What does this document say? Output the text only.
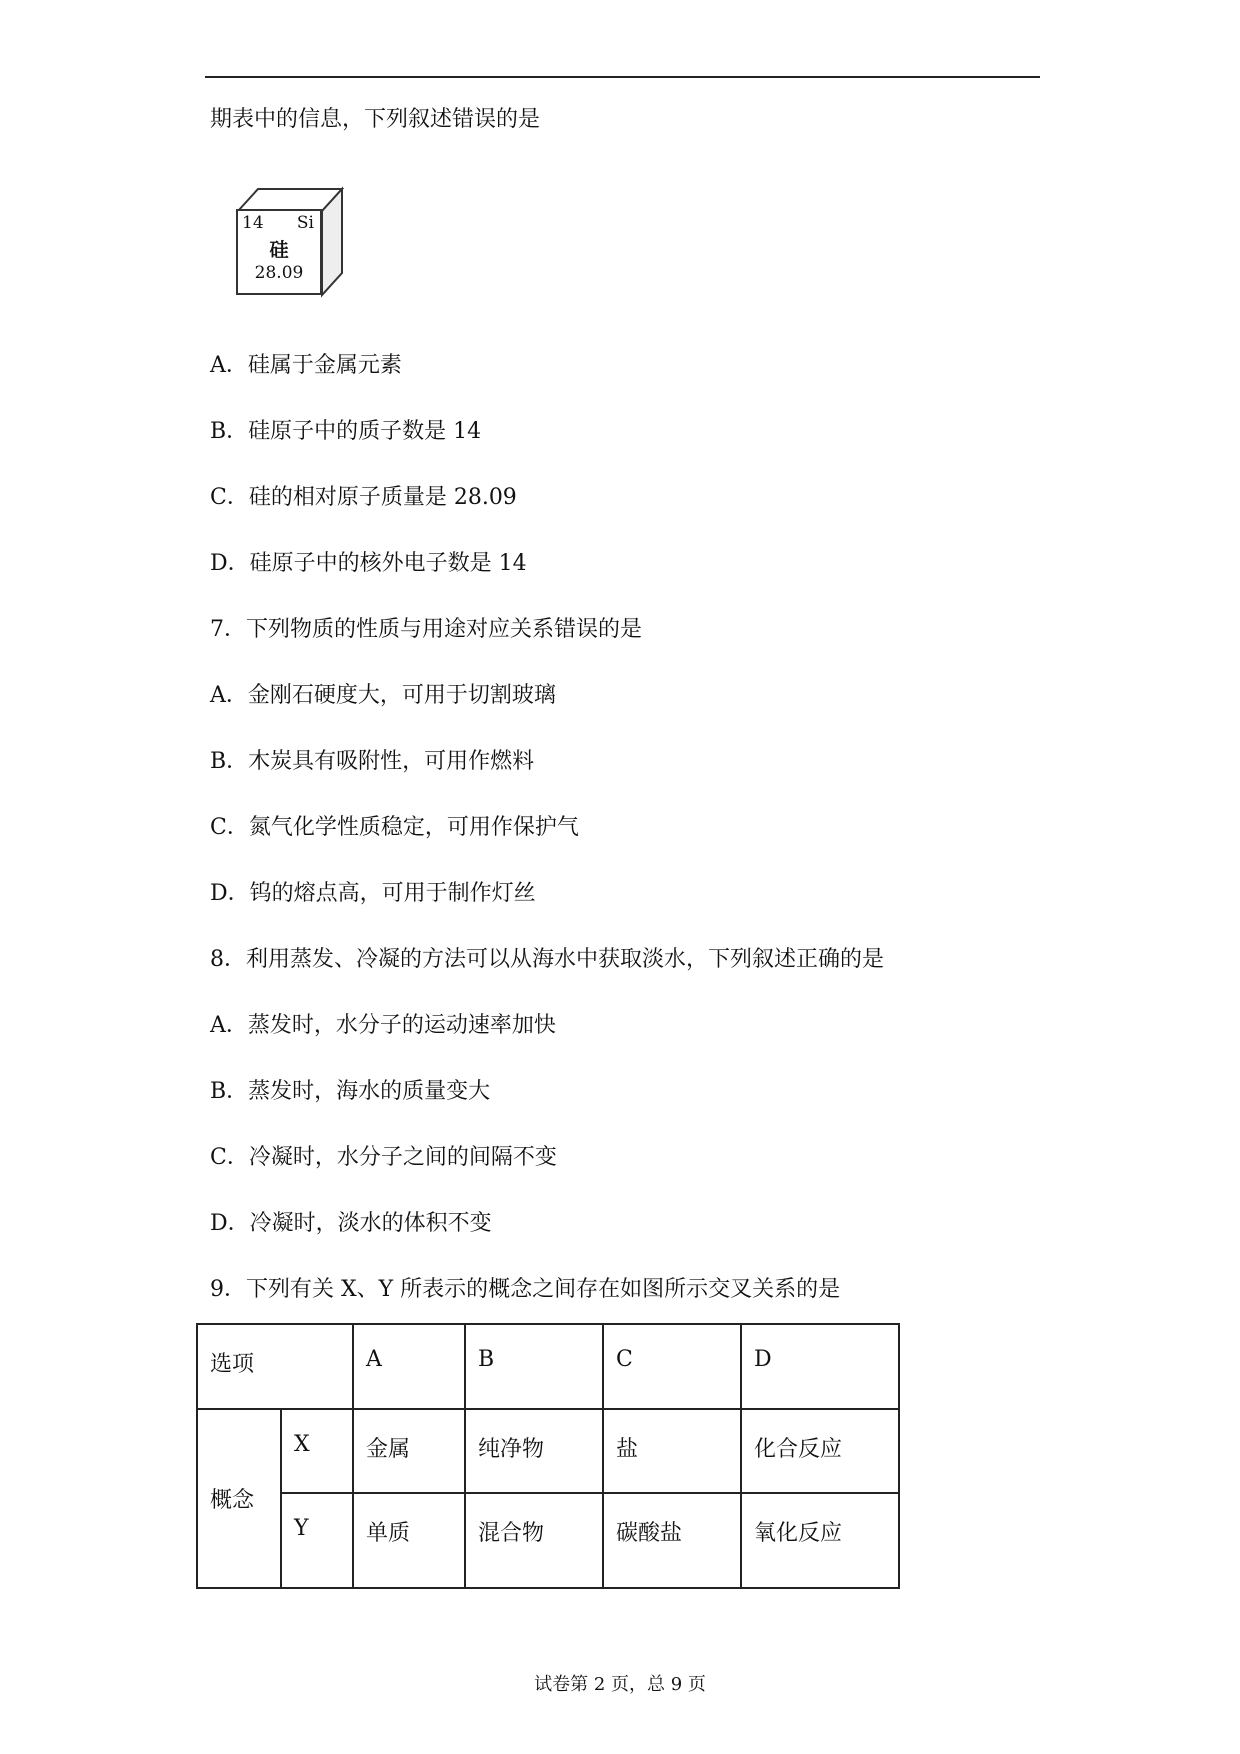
期表中的信息，下列叙述错误的是
14 Si
硅
28.09
A．硅属于金属元素
B．硅原子中的质子数是 14
C．硅的相对原子质量是 28.09
D．硅原子中的核外电子数是 14
7．下列物质的性质与用途对应关系错误的是
A．金刚石硬度大，可用于切割玻璃
B．木炭具有吸附性，可用作燃料
C．氮气化学性质稳定，可用作保护气
D．钨的熔点高，可用于制作灯丝
8．利用蒸发、冷凝的方法可以从海水中获取淡水，下列叙述正确的是
A．蒸发时，水分子的运动速率加快
B．蒸发时，海水的质量变大
C．冷凝时，水分子之间的间隔不变
D．冷凝时，淡水的体积不变
9．下列有关 X、Y 所表示的概念之间存在如图所示交叉关系的是
选项		A	B	C	D
概念	X	金属	纯净物	盐	化合反应
	Y	单质	混合物	碳酸盐	氧化反应
试卷第 2 页，总 9 页
